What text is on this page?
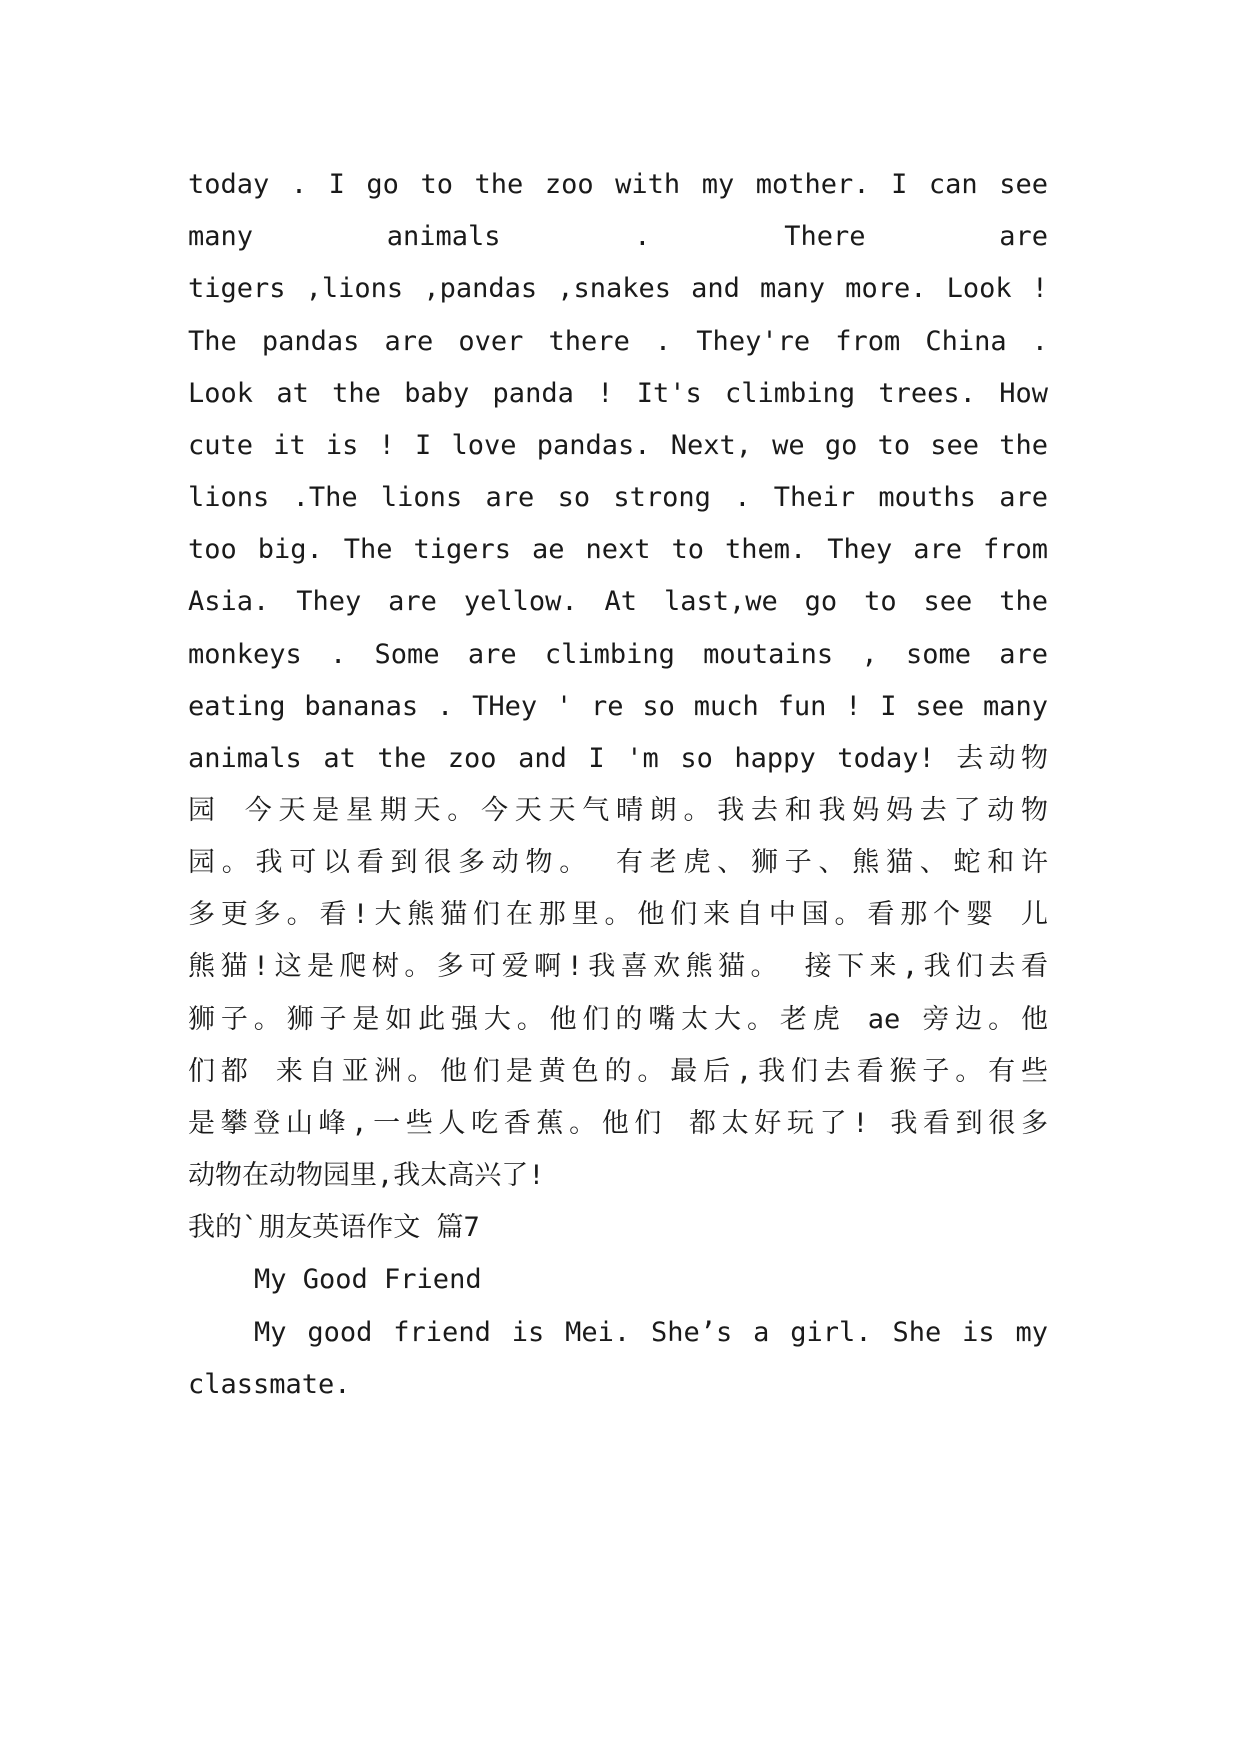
today . I go to the zoo with my mother. I can see
many animals . There are
tigers ,lions ,pandas ,snakes and many more. Look !
The pandas are over there . They're from China .
Look at the baby panda ! It's climbing trees. How
cute it is ! I love pandas. Next, we go to see the
lions .The lions are so strong . Their mouths are
too big. The tigers ae next to them. They are from
Asia. They are yellow. At last,we go to see the
monkeys . Some are climbing moutains , some are
eating bananas . THey ' re so much fun ! I see many
animals at the zoo and I 'm so happy today! 去动物
园 今天是星期天。今天天气晴朗。我去和我妈妈去了动物
园。我可以看到很多动物。 有老虎、狮子、熊猫、蛇和许
多更多。看!大熊猫们在那里。他们来自中国。看那个婴 儿
熊猫!这是爬树。多可爱啊!我喜欢熊猫。 接下来,我们去看
狮子。狮子是如此强大。他们的嘴太大。老虎 ae 旁边。他
们都 来自亚洲。他们是黄色的。最后,我们去看猴子。有些
是攀登山峰,一些人吃香蕉。他们 都太好玩了! 我看到很多
动物在动物园里,我太高兴了!
我的`朋友英语作文 篇7
My Good Friend
My good friend is Mei. She’s a girl. She is my
classmate.
